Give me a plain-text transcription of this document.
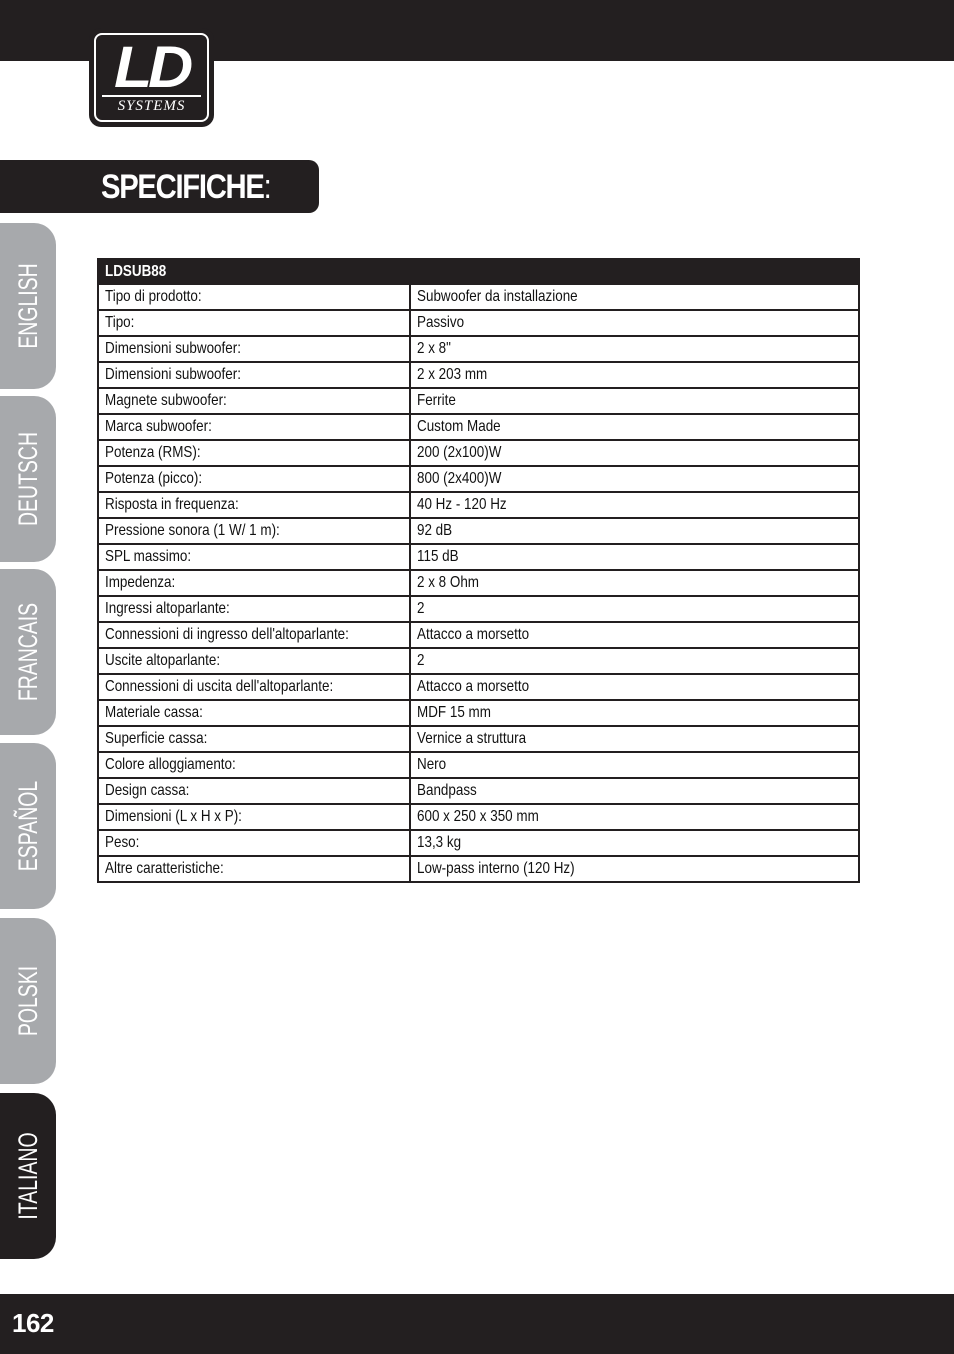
LD
SYSTEMS
SPECIFICHE:
ENGLISH
DEUTSCH
FRANCAIS
ESPAÑOL
POLSKI
ITALIANO
LDSUB88	
Tipo di prodotto:	Subwoofer da installazione
Tipo:	Passivo
Dimensioni subwoofer:	2 x 8"
Dimensioni subwoofer:	2 x 203 mm
Magnete subwoofer:	Ferrite
Marca subwoofer:	Custom Made
Potenza (RMS):	200 (2x100)W
Potenza (picco):	800 (2x400)W
Risposta in frequenza:	40 Hz - 120 Hz
Pressione sonora (1 W/ 1 m):	92 dB
SPL massimo:	115 dB
Impedenza:	2 x 8 Ohm
Ingressi altoparlante:	2
Connessioni di ingresso dell'altoparlante:	Attacco a morsetto
Uscite altoparlante:	2
Connessioni di uscita dell'altoparlante:	Attacco a morsetto
Materiale cassa:	MDF 15 mm
Superficie cassa:	Vernice a struttura
Colore alloggiamento:	Nero
Design cassa:	Bandpass
Dimensioni (L x H x P):	600 x 250 x 350 mm
Peso:	13,3 kg
Altre caratteristiche:	Low-pass interno (120 Hz)
162
